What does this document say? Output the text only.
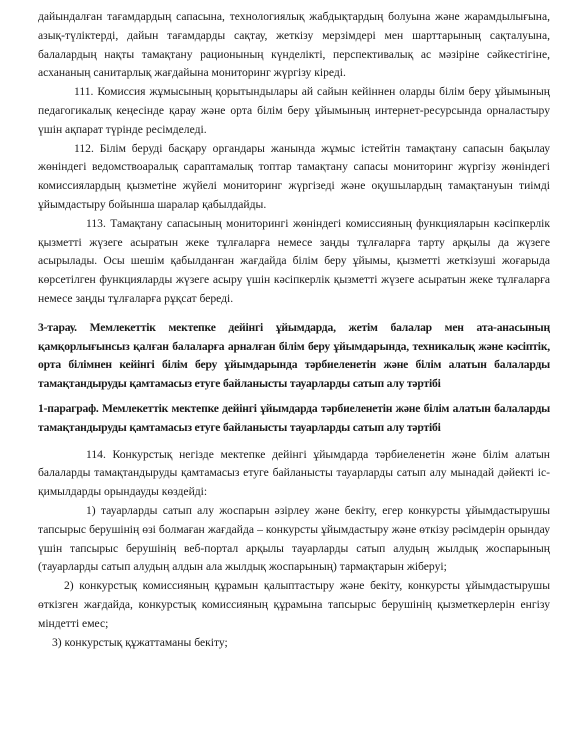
дайындалған тағамдардың сапасына, технологиялық жабдықтардың болуына және жарамдылығына, азық-түліктерді, дайын тағамдарды сақтау, жеткізу мерзімдері мен шарттарының сақталуына, балалардың нақты тамақтану рационының күнделікті, перспективалық ас мәзіріне сәйкестігіне, асхананың санитарлық жағдайына мониторинг жүргізу кіреді.

111. Комиссия жұмысының қорытындылары ай сайын кейіннен оларды білім беру ұйымының педагогикалық кеңесінде қарау және орта білім беру ұйымының интернет-ресурсында орналастыру үшін ақпарат түрінде ресімделеді.

112. Білім беруді басқару органдары жанында жұмыс істейтін тамақтану сапасын бақылау жөніндегі ведомствоаралық сараптамалық топтар тамақтану сапасы мониторинг жүргізу жөніндегі комиссиялардың қызметіне жүйелі мониторинг жүргізеді және оқушылардың тамақтануын тиімді ұйымдастыру бойынша шаралар қабылдайды.

113. Тамақтану сапасының мониторингі жөніндегі комиссияның функцияларын кәсіпкерлік қызметті жүзеге асыратын жеке тұлғаларға немесе заңды тұлғаларға тарту арқылы да жүзеге асырылады. Осы шешім қабылданған жағдайда білім беру ұйымы, қызметті жеткізуші жоғарыда көрсетілген функцияларды жүзеге асыру үшін кәсіпкерлік қызметті жүзеге асыратын жеке тұлғаларға немесе заңды тұлғаларға рұқсат береді.

3-тарау. Мемлекеттік мектепке дейінгі ұйымдарда, жетім балалар мен ата-анасының қамқорлығынсыз қалған балаларға арналған білім беру ұйымдарында, техникалық және кәсіптік, орта білімнен кейінгі білім беру ұйымдарында тәрбиеленетін және білім алатын балаларды тамақтандыруды қамтамасыз етуге байланысты тауарларды сатып алу тәртібі

1-параграф. Мемлекеттік мектепке дейінгі ұйымдарда тәрбиеленетін және білім алатын балаларды тамақтандыруды қамтамасыз етуге байланысты тауарларды сатып алу тәртібі

114. Конкурстық негізде мектепке дейінгі ұйымдарда тәрбиеленетін және білім алатын балаларды тамақтандыруды қамтамасыз етуге байланысты тауарларды сатып алу мынадай дәйекті іс-қимылдарды орындауды көздейді:

1) тауарларды сатып алу жоспарын әзірлеу және бекіту, егер конкурсты ұйымдастырушы тапсырыс берушінің өзі болмаған жағдайда – конкурсты ұйымдастыру және өткізу рәсімдерін орындау үшін тапсырыс берушінің веб-портал арқылы тауарларды сатып алудың жылдық жоспарының (тауарларды сатып алудың алдын ала жылдық жоспарының) тармақтарын жіберуі;

2) конкурстық комиссияның құрамын қалыптастыру және бекіту, конкурсты ұйымдастырушы өткізген жағдайда, конкурстық комиссияның құрамына тапсырыс берушінің қызметкерлерін енгізу міндетті емес;

3) конкурстық құжаттаманы бекіту;
